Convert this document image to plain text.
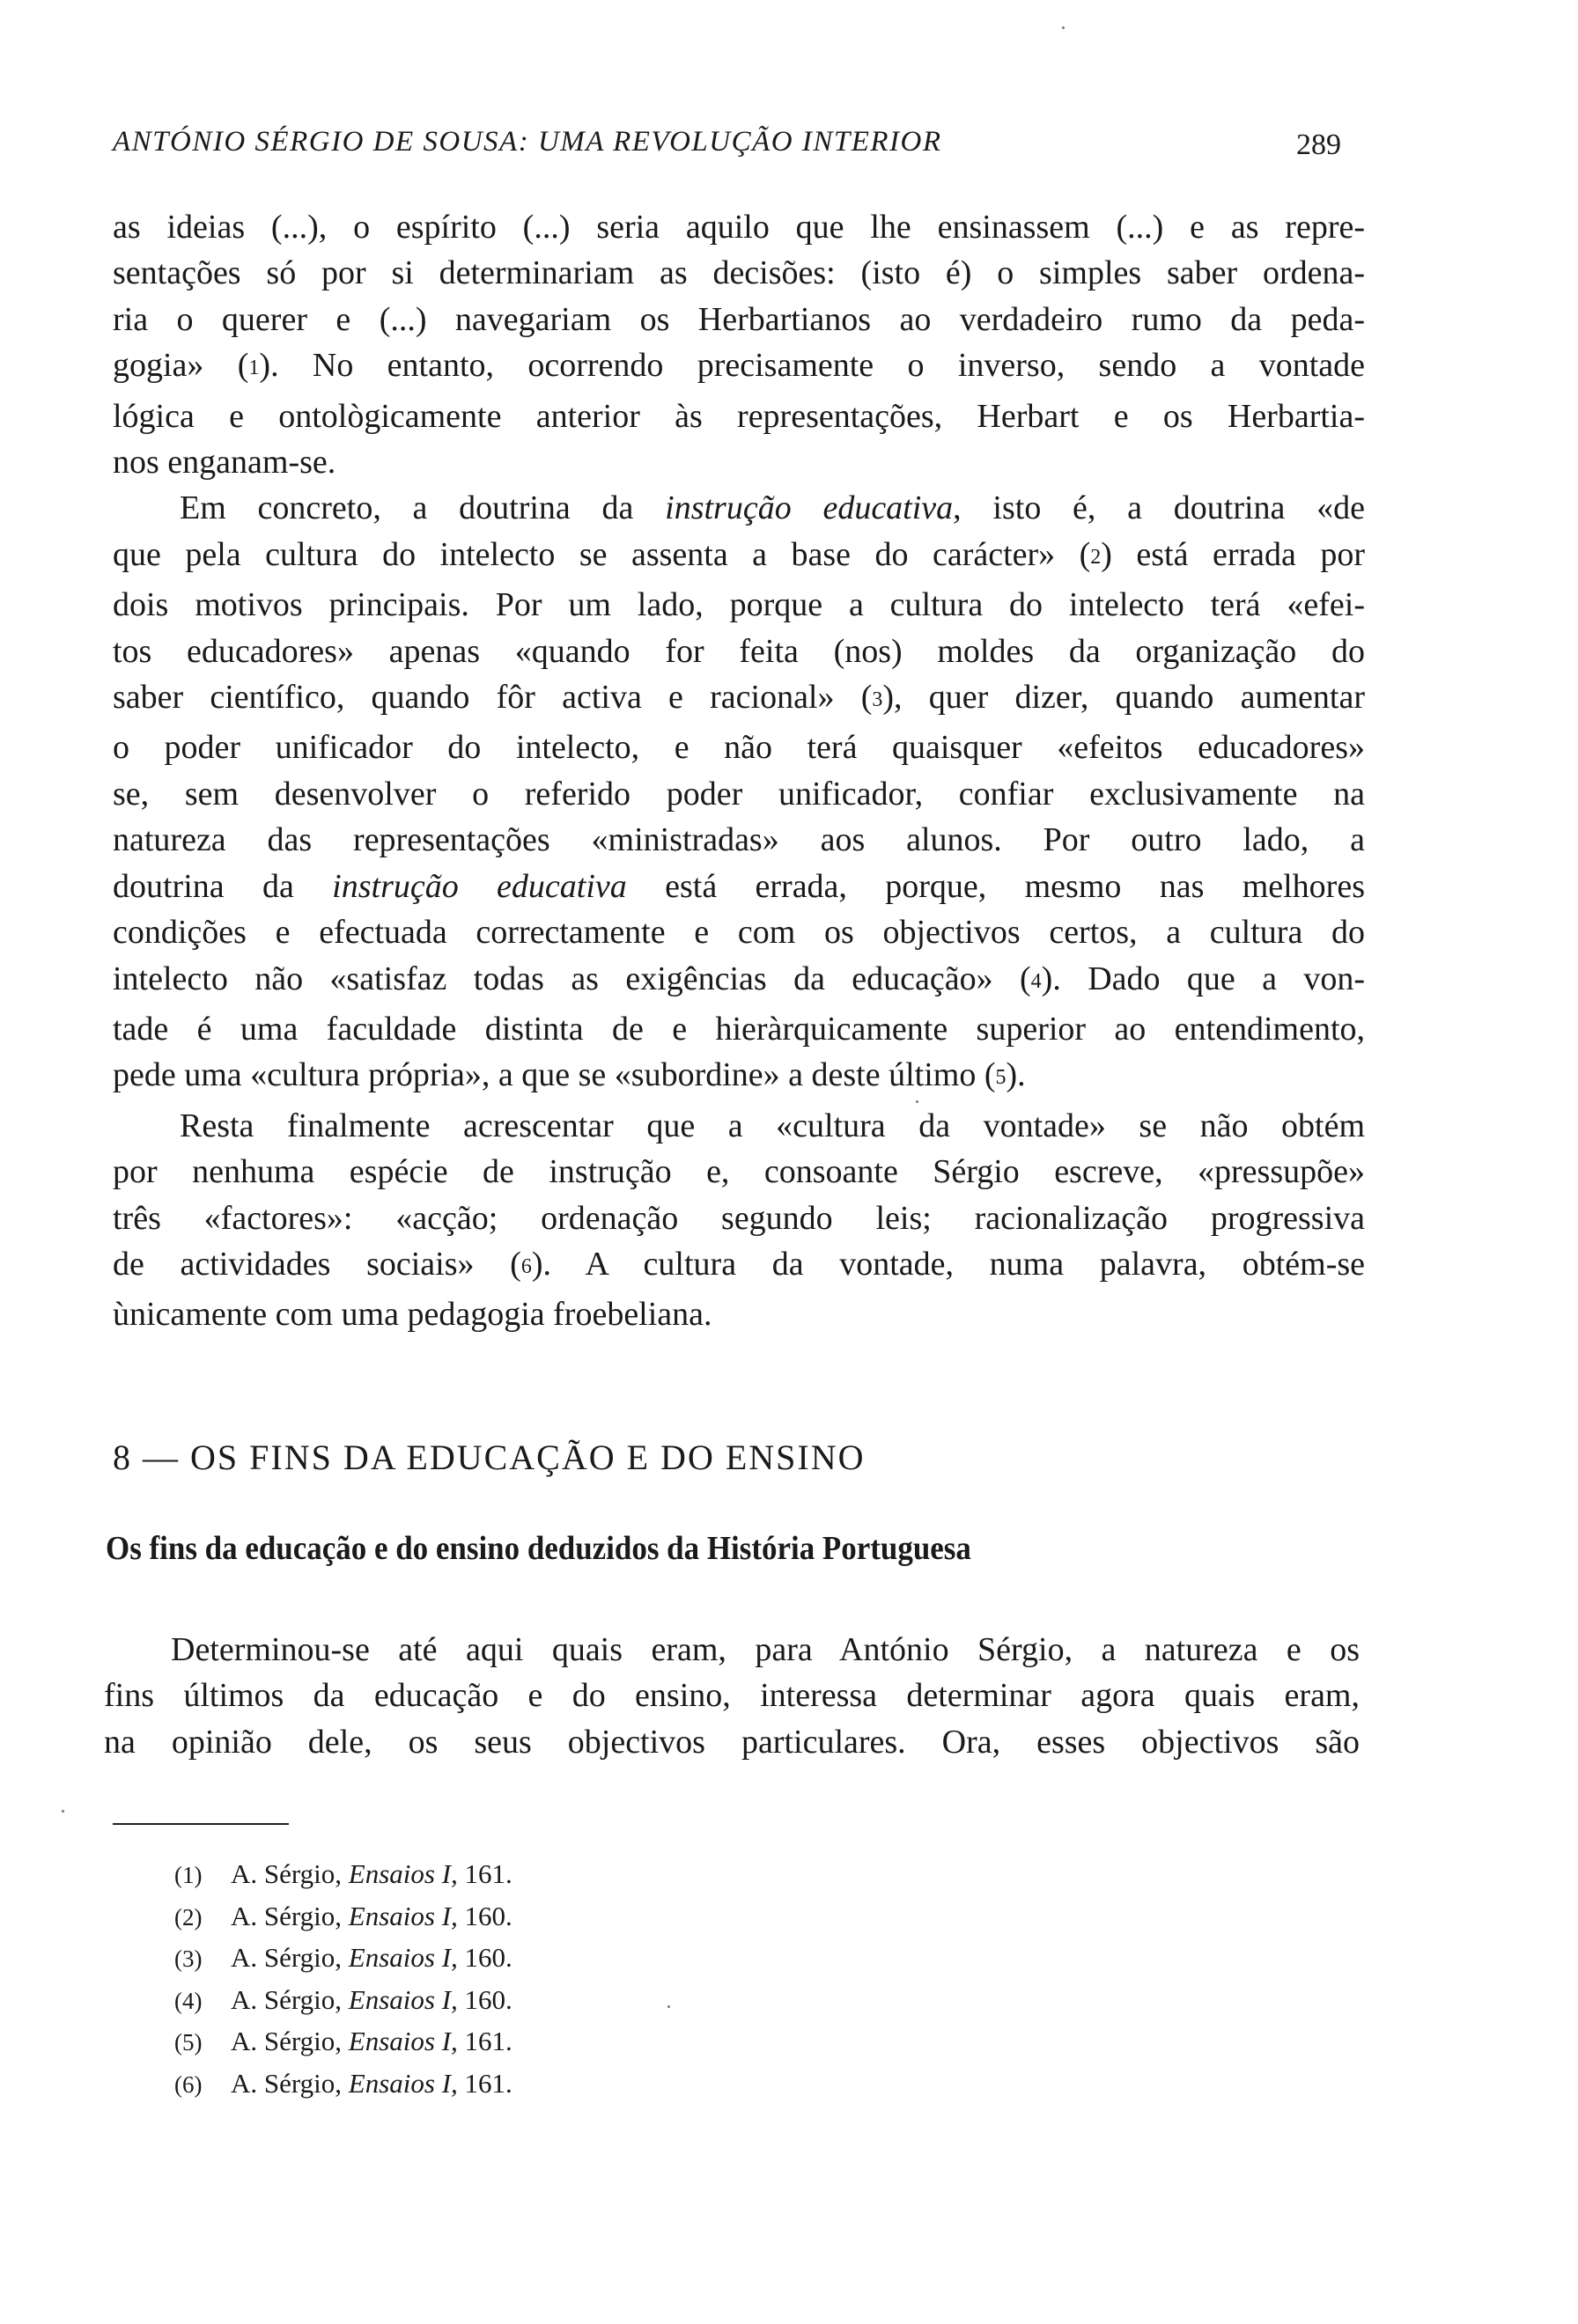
ANTÓNIO SÉRGIO DE SOUSA: UMA REVOLUÇÃO INTERIOR	289

as ideias (...), o espírito (...) seria aquilo que lhe ensinassem (...) e as repre-
sentações só por si determinariam as decisões: (isto é) o simples saber ordena-
ria o querer e (...) navegariam os Herbartianos ao verdadeiro rumo da peda-
gogia» ($^1$). No entanto, ocorrendo precisamente o inverso, sendo a vontade
lógica e ontològicamente anterior às representações, Herbart e os Herbartia-
nos enganam-se.

Em concreto, a doutrina da instrução educativa, isto é, a doutrina «de
que pela cultura do intelecto se assenta a base do carácter» ($^2$) está errada por
dois motivos principais. Por um lado, porque a cultura do intelecto terá «efei-
tos educadores» apenas «quando for feita (nos) moldes da organização do
saber científico, quando fôr activa e racional» ($^3$), quer dizer, quando aumentar
o poder unificador do intelecto, e não terá quaisquer «efeitos educadores»
se, sem desenvolver o referido poder unificador, confiar exclusivamente na
natureza das representações «ministradas» aos alunos. Por outro lado, a
doutrina da instrução educativa está errada, porque, mesmo nas melhores
condições e efectuada correctamente e com os objectivos certos, a cultura do
intelecto não «satisfaz todas as exigências da educação» ($^4$). Dado que a von-
tade é uma faculdade distinta de e hieràrquicamente superior ao entendimento,
pede uma «cultura própria», a que se «subordine» a deste último ($^5$).

Resta finalmente acrescentar que a «cultura da vontade» se não obtém
por nenhuma espécie de instrução e, consoante Sérgio escreve, «pressupõe»
três «factores»: «acção; ordenação segundo leis; racionalização progressiva
de actividades sociais» ($^6$). A cultura da vontade, numa palavra, obtém-se
ùnicamente com uma pedagogia froebeliana.

8 — OS FINS DA EDUCAÇÃO E DO ENSINO
Os fins da educação e do ensino deduzidos da História Portuguesa

Determinou-se até aqui quais eram, para António Sérgio, a natureza e os
fins últimos da educação e do ensino, interessa determinar agora quais eram,
na opinião dele, os seus objectivos particulares. Ora, esses objectivos são

(1) A. Sérgio, Ensaios I, 161.
(2) A. Sérgio, Ensaios I, 160.
(3) A. Sérgio, Ensaios I, 160.
(4) A. Sérgio, Ensaios I, 160.
(5) A. Sérgio, Ensaios I, 161.
(6) A. Sérgio, Ensaios I, 161.
